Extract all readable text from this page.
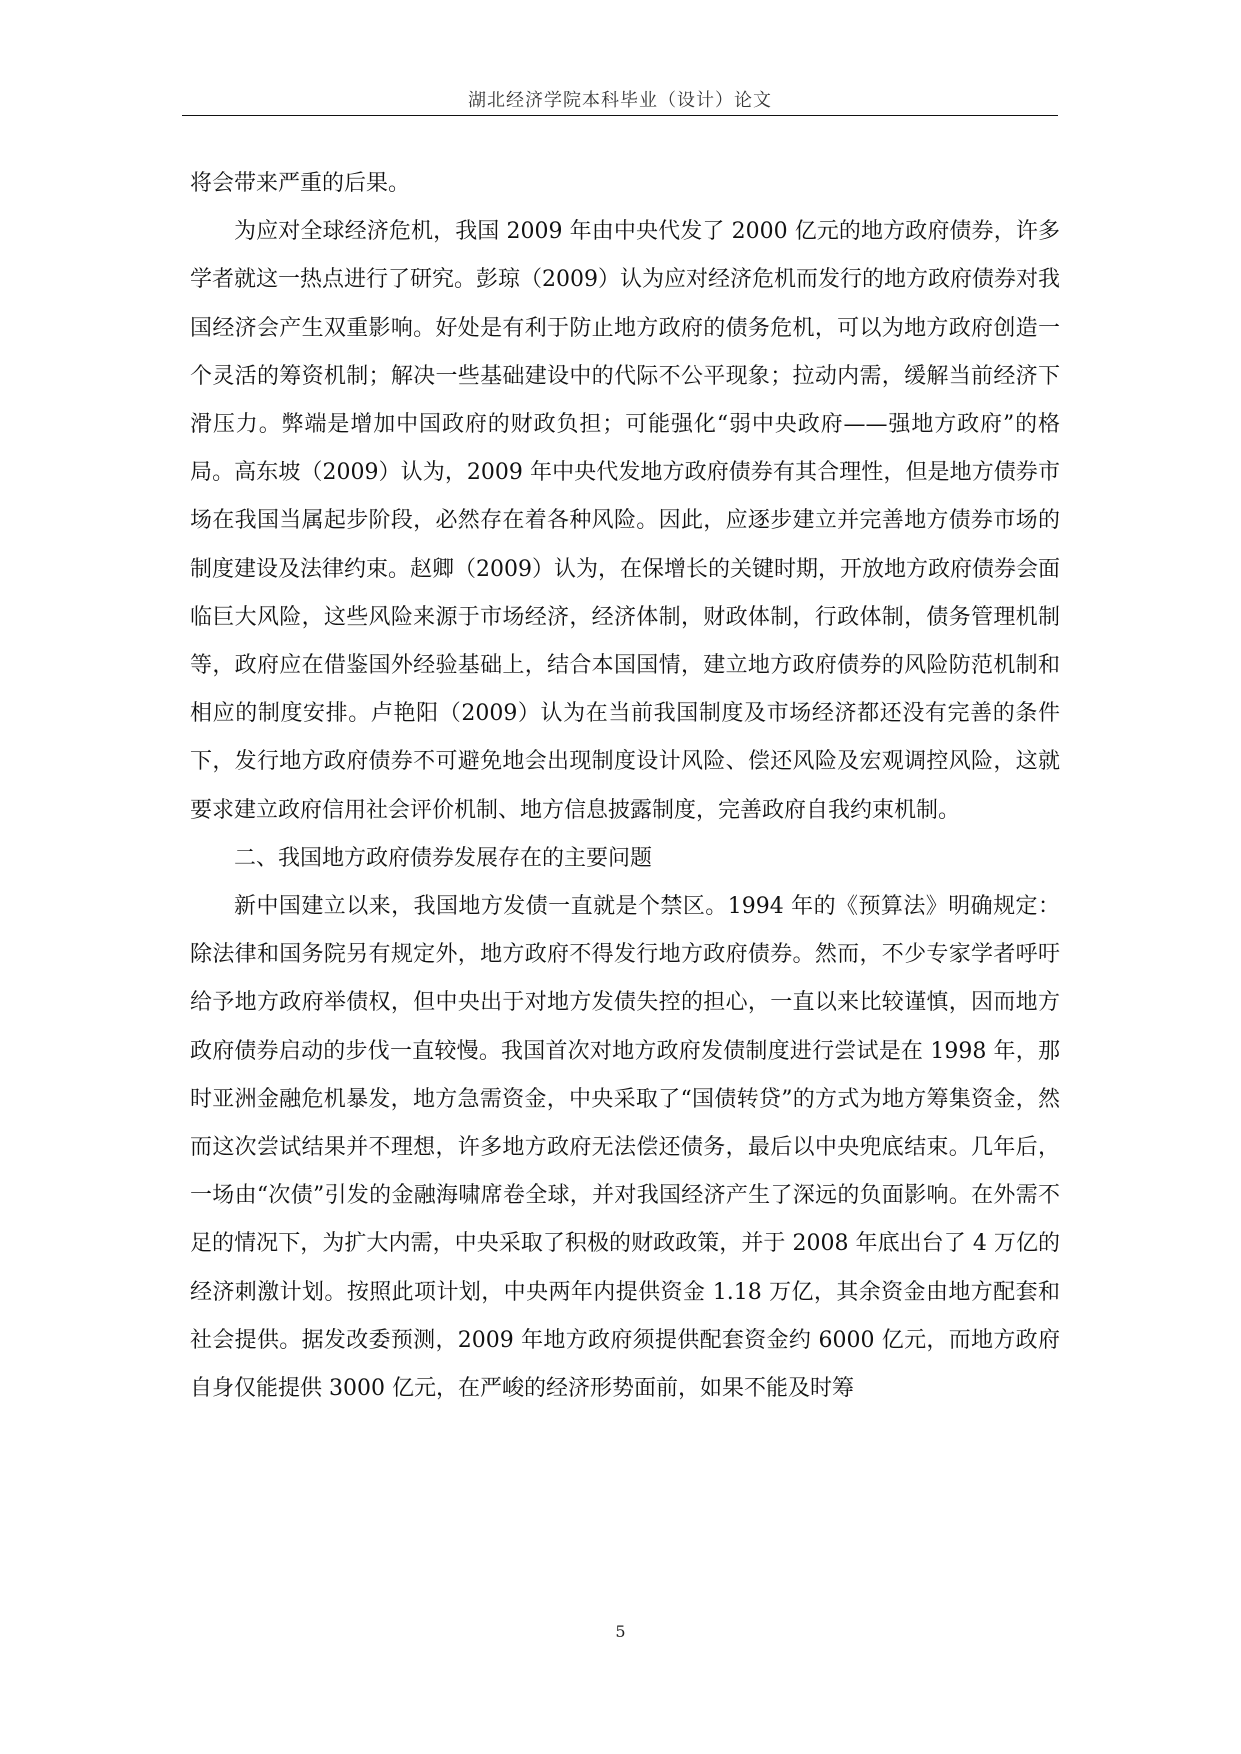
湖北经济学院本科毕业（设计）论文

将会带来严重的后果。

为应对全球经济危机，我国 2009 年由中央代发了 2000 亿元的地方政府债券，许多学者就这一热点进行了研究。彭琼（2009）认为应对经济危机而发行的地方政府债券对我国经济会产生双重影响。好处是有利于防止地方政府的债务危机，可以为地方政府创造一个灵活的筹资机制；解决一些基础建设中的代际不公平现象；拉动内需，缓解当前经济下滑压力。弊端是增加中国政府的财政负担；可能强化“弱中央政府——强地方政府”的格局。高东坡（2009）认为，2009 年中央代发地方政府债券有其合理性，但是地方债券市场在我国当属起步阶段，必然存在着各种风险。因此，应逐步建立并完善地方债券市场的制度建设及法律约束。赵卿（2009）认为，在保增长的关键时期，开放地方政府债券会面临巨大风险，这些风险来源于市场经济，经济体制，财政体制，行政体制，债务管理机制等，政府应在借鉴国外经验基础上，结合本国国情，建立地方政府债券的风险防范机制和相应的制度安排。卢艳阳（2009）认为在当前我国制度及市场经济都还没有完善的条件下，发行地方政府债券不可避免地会出现制度设计风险、偿还风险及宏观调控风险，这就要求建立政府信用社会评价机制、地方信息披露制度，完善政府自我约束机制。

二、我国地方政府债券发展存在的主要问题

新中国建立以来，我国地方发债一直就是个禁区。1994 年的《预算法》明确规定：除法律和国务院另有规定外，地方政府不得发行地方政府债券。然而，不少专家学者呼吁给予地方政府举债权，但中央出于对地方发债失控的担心，一直以来比较谨慎，因而地方政府债券启动的步伐一直较慢。我国首次对地方政府发债制度进行尝试是在 1998 年，那时亚洲金融危机暴发，地方急需资金，中央采取了“国债转贷”的方式为地方筹集资金，然而这次尝试结果并不理想，许多地方政府无法偿还债务，最后以中央兜底结束。几年后，一场由“次债”引发的金融海啸席卷全球，并对我国经济产生了深远的负面影响。在外需不足的情况下，为扩大内需，中央采取了积极的财政政策，并于 2008 年底出台了 4 万亿的经济刺激计划。按照此项计划，中央两年内提供资金 1.18 万亿，其余资金由地方配套和社会提供。据发改委预测，2009 年地方政府须提供配套资金约 6000 亿元，而地方政府自身仅能提供 3000 亿元，在严峻的经济形势面前，如果不能及时筹

5
